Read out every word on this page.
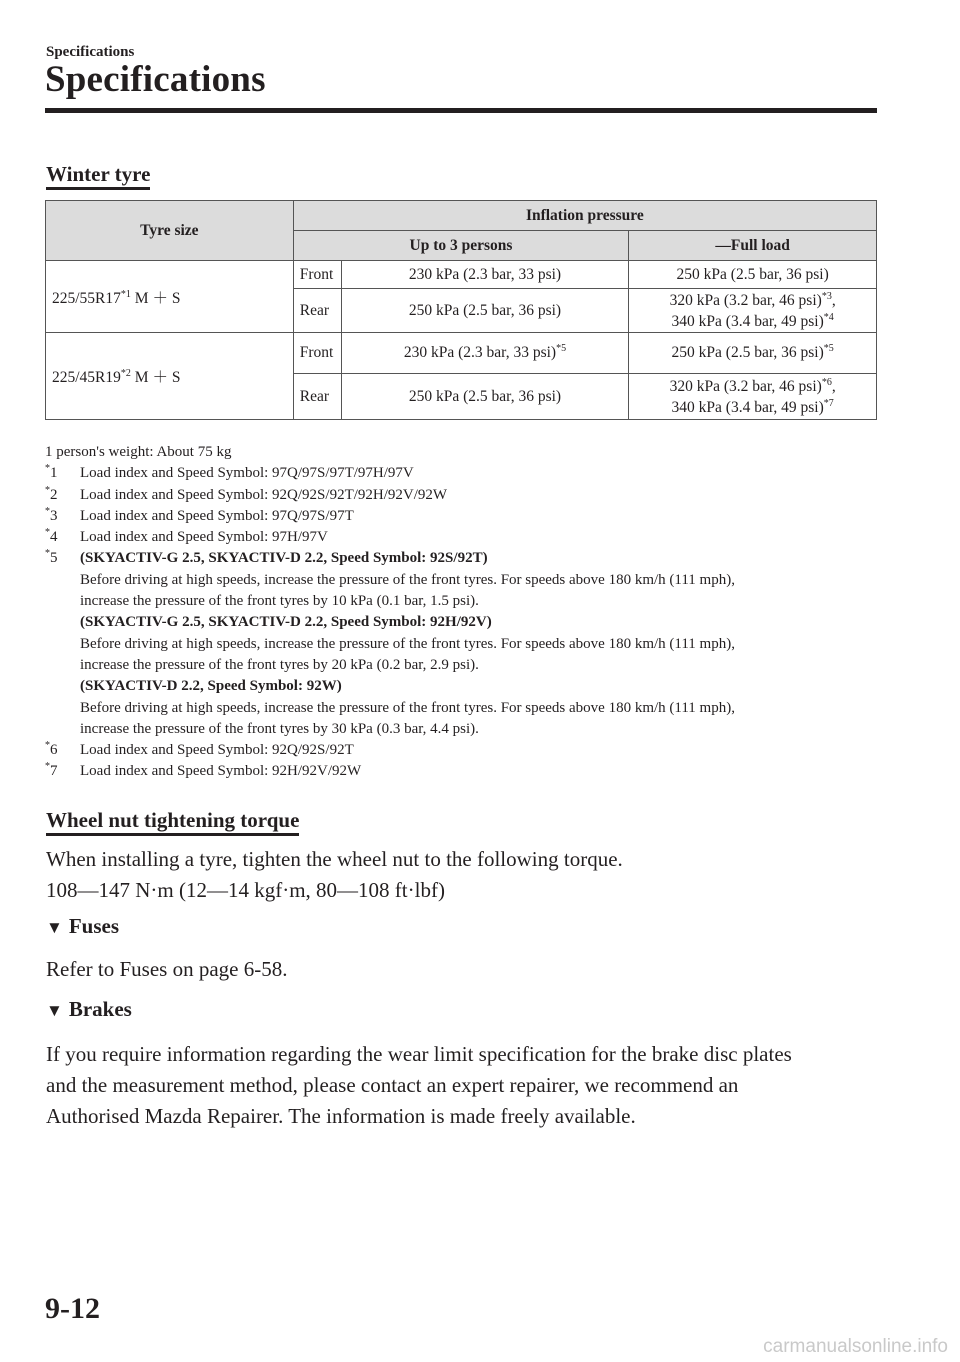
Specifications
Specifications
Winter tyre
Tyre size	Inflation pressure		
	Up to 3 persons		―Full load
225/55R17$^{*1}$ M ＋ S	Front	230 kPa (2.3 bar, 33 psi)	250 kPa (2.5 bar, 36 psi)
	Rear	250 kPa (2.5 bar, 36 psi)	320 kPa (3.2 bar, 46 psi)$^{*3}$,
340 kPa (3.4 bar, 49 psi)$^{*4}$
225/45R19$^{*2}$ M ＋ S	Front	230 kPa (2.3 bar, 33 psi)$^{*5}$	250 kPa (2.5 bar, 36 psi)$^{*5}$
	Rear	250 kPa (2.5 bar, 36 psi)	320 kPa (3.2 bar, 46 psi)$^{*6}$,
340 kPa (3.4 bar, 49 psi)$^{*7}$
1 person's weight: About 75 kg
*1	Load index and Speed Symbol: 97Q/97S/97T/97H/97V
*2	Load index and Speed Symbol: 92Q/92S/92T/92H/92V/92W
*3	Load index and Speed Symbol: 97Q/97S/97T
*4	Load index and Speed Symbol: 97H/97V
*5	(SKYACTIV-G 2.5, SKYACTIV-D 2.2, Speed Symbol: 92S/92T)
Before driving at high speeds, increase the pressure of the front tyres. For speeds above 180 km/h (111 mph),
increase the pressure of the front tyres by 10 kPa (0.1 bar, 1.5 psi).
(SKYACTIV-G 2.5, SKYACTIV-D 2.2, Speed Symbol: 92H/92V)
Before driving at high speeds, increase the pressure of the front tyres. For speeds above 180 km/h (111 mph),
increase the pressure of the front tyres by 20 kPa (0.2 bar, 2.9 psi).
(SKYACTIV-D 2.2, Speed Symbol: 92W)
Before driving at high speeds, increase the pressure of the front tyres. For speeds above 180 km/h (111 mph),
increase the pressure of the front tyres by 30 kPa (0.3 bar, 4.4 psi).
*6	Load index and Speed Symbol: 92Q/92S/92T
*7	Load index and Speed Symbol: 92H/92V/92W
Wheel nut tightening torque
When installing a tyre, tighten the wheel nut to the following torque.
108―147 N·m (12―14 kgf·m, 80―108 ft·lbf)
▼ Fuses
Refer to Fuses on page 6-58.
▼ Brakes
If you require information regarding the wear limit specification for the brake disc plates
and the measurement method, please contact an expert repairer, we recommend an
Authorised Mazda Repairer. The information is made freely available.
9-12
carmanualsonline.info
